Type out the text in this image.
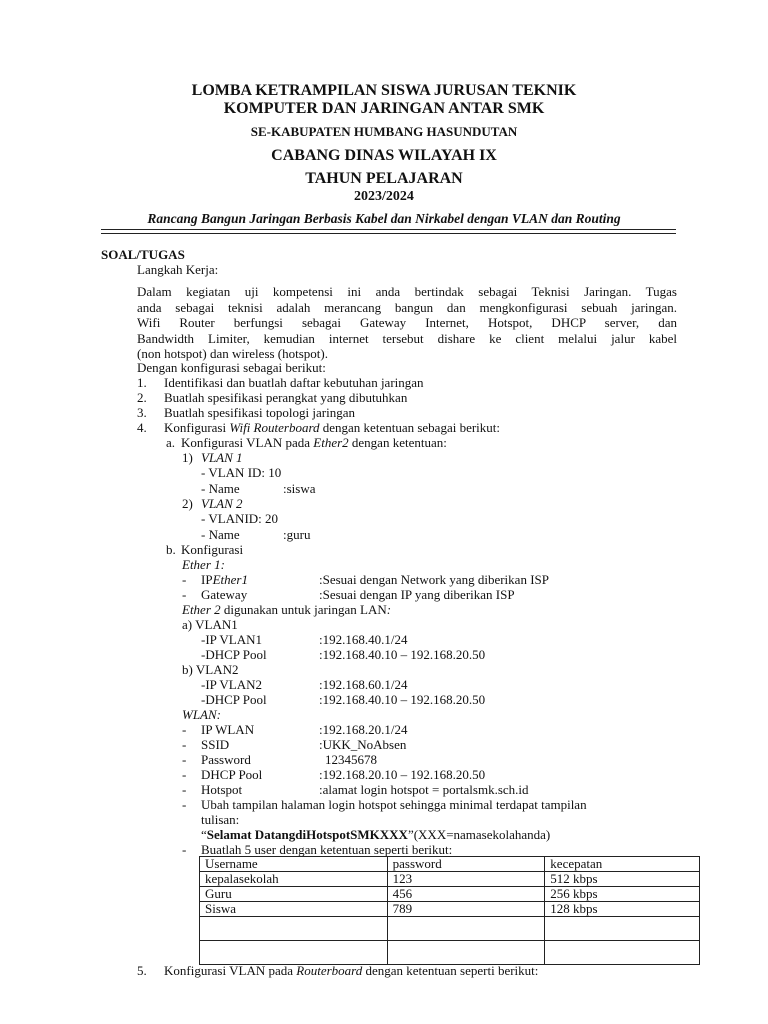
LOMBA KETRAMPILAN SISWA JURUSAN TEKNIK
KOMPUTER DAN JARINGAN ANTAR SMK
SE-KABUPATEN HUMBANG HASUNDUTAN
CABANG DINAS WILAYAH IX
TAHUN PELAJARAN
2023/2024
Rancang Bangun Jaringan Berbasis Kabel dan Nirkabel dengan VLAN dan Routing
SOAL/TUGAS
Langkah Kerja:
Dalam kegiatan uji kompetensi ini anda bertindak sebagai Teknisi Jaringan. Tugas
anda sebagai teknisi adalah merancang bangun dan mengkonfigurasi sebuah jaringan.
Wifi Router berfungsi sebagai Gateway Internet, Hotspot, DHCP server, dan
Bandwidth Limiter, kemudian internet tersebut dishare ke client melalui jalur kabel
(non hotspot) dan wireless (hotspot).
Dengan konfigurasi sebagai berikut:
1. Identifikasi dan buatlah daftar kebutuhan jaringan
2. Buatlah spesifikasi perangkat yang dibutuhkan
3. Buatlah spesifikasi topologi jaringan
4. Konfigurasi Wifi Routerboard dengan ketentuan sebagai berikut:
a. Konfigurasi VLAN pada Ether2 dengan ketentuan:
1) VLAN 1
- VLAN ID: 10
- Name	:siswa
2) VLAN 2
- VLANID: 20
- Name	:guru
b. Konfigurasi
Ether 1:
- IPEther1	:Sesuai dengan Network yang diberikan ISP
- Gateway	:Sesuai dengan IP yang diberikan ISP
Ether 2 digunakan untuk jaringan LAN:
a) VLAN1
-IP VLAN1	:192.168.40.1/24
-DHCP Pool	:192.168.40.10 – 192.168.20.50
b) VLAN2
-IP VLAN2	:192.168.60.1/24
-DHCP Pool	:192.168.40.10 – 192.168.20.50
WLAN:
- IP WLAN	:192.168.20.1/24
- SSID	:UKK_NoAbsen
- Password	12345678
- DHCP Pool	:192.168.20.10 – 192.168.20.50
- Hotspot	:alamat login hotspot = portalsmk.sch.id
- Ubah tampilan halaman login hotspot sehingga minimal terdapat tampilan
tulisan:
“Selamat DatangdiHotspotSMKXXX”(XXX=namasekolahanda)
- Buatlah 5 user dengan ketentuan seperti berikut:
Username	password	kecepatan
kepalasekolah	123	512 kbps
Guru	456	256 kbps
Siswa	789	128 kbps

5. Konfigurasi VLAN pada Routerboard dengan ketentuan seperti berikut:
